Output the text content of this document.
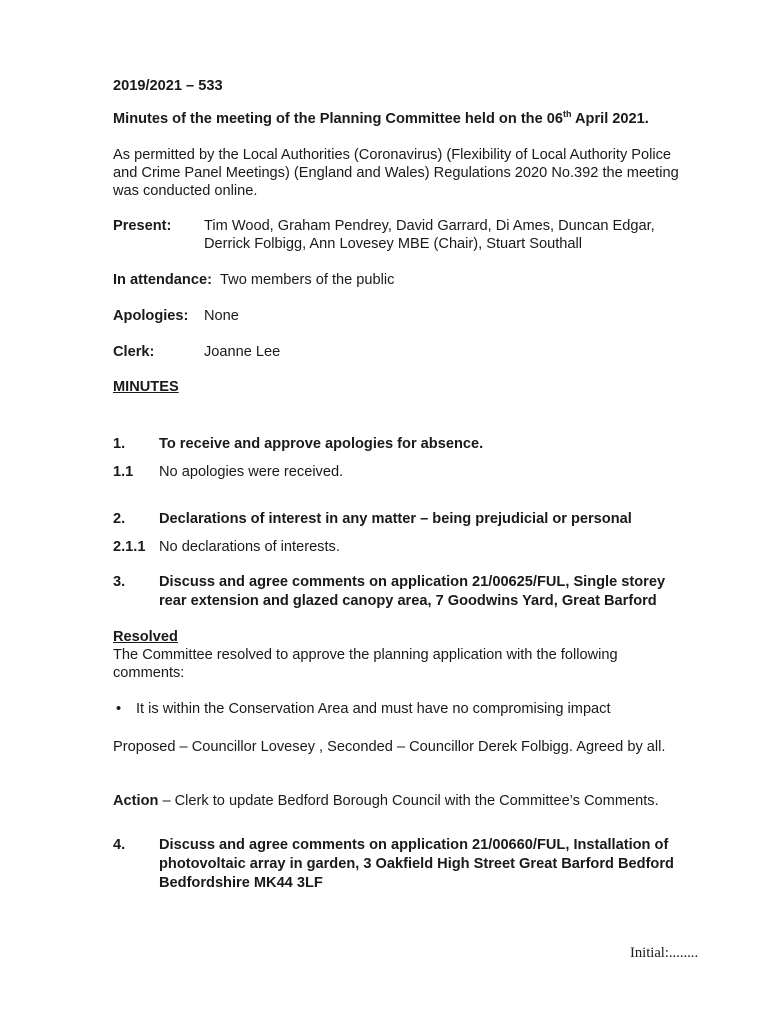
2019/2021 – 533
Minutes of the meeting of the Planning Committee held on the 06th April 2021.
As permitted by the Local Authorities (Coronavirus) (Flexibility of Local Authority Police
and Crime Panel Meetings) (England and Wales) Regulations 2020 No.392 the meeting
was conducted online.
Present: Tim Wood, Graham Pendrey, David Garrard, Di Ames, Duncan Edgar,
Derrick Folbigg, Ann Lovesey MBE (Chair), Stuart Southall
In attendance: Two members of the public
Apologies: None
Clerk:	Joanne Lee
MINUTES
1. To receive and approve apologies for absence.
1.1 No apologies were received.
2. Declarations of interest in any matter – being prejudicial or personal
2.1.1 No declarations of interests.
3. Discuss and agree comments on application 21/00625/FUL, Single storey
rear extension and glazed canopy area, 7 Goodwins Yard, Great Barford
Resolved
The Committee resolved to approve the planning application with the following
comments:
• It is within the Conservation Area and must have no compromising impact
Proposed – Councillor Lovesey , Seconded – Councillor Derek Folbigg. Agreed by all.
Action – Clerk to update Bedford Borough Council with the Committee’s Comments.
4. Discuss and agree comments on application 21/00660/FUL, Installation of
photovoltaic array in garden, 3 Oakfield High Street Great Barford Bedford
Bedfordshire MK44 3LF
Initial:........
